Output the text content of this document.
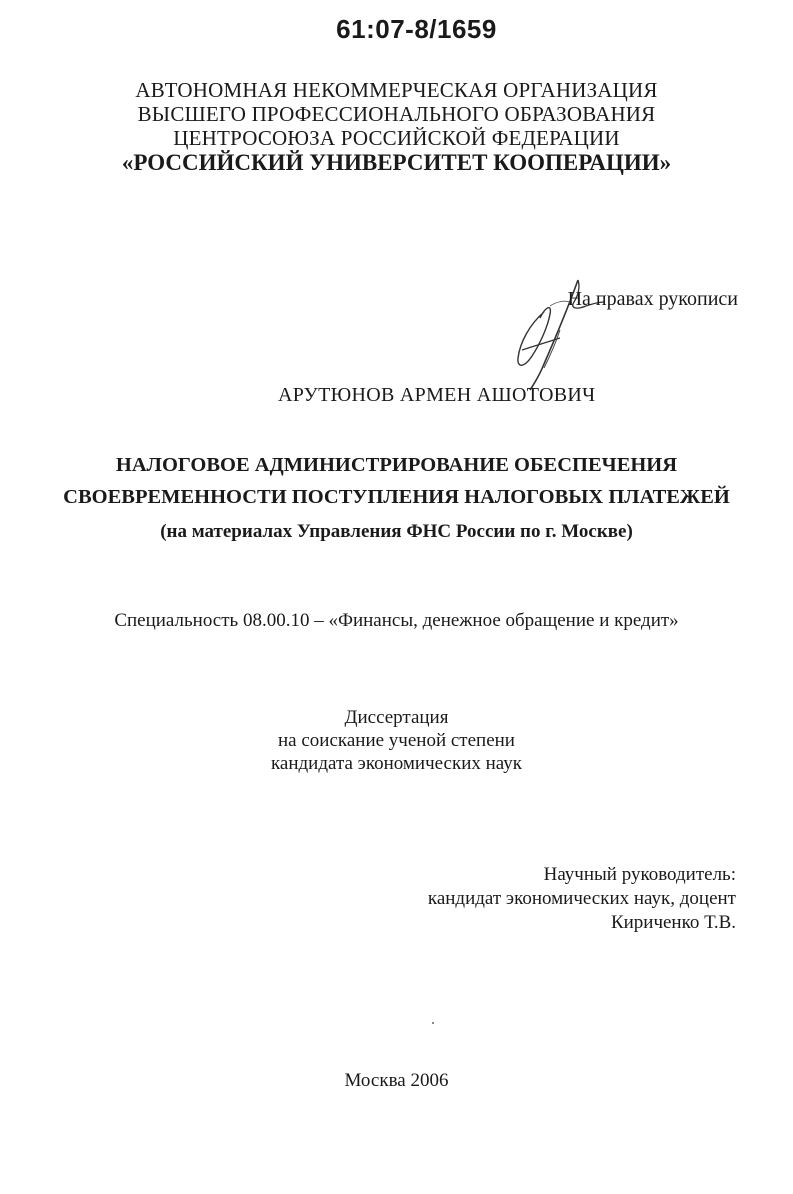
61:07-8/1659
АВТОНОМНАЯ НЕКОММЕРЧЕСКАЯ ОРГАНИЗАЦИЯ
ВЫСШЕГО ПРОФЕССИОНАЛЬНОГО ОБРАЗОВАНИЯ
ЦЕНТРОСОЮЗА РОССИЙСКОЙ ФЕДЕРАЦИИ
«РОССИЙСКИЙ УНИВЕРСИТЕТ КООПЕРАЦИИ»
На правах рукописи
АРУТЮНОВ АРМЕН АШОТОВИЧ
НАЛОГОВОЕ АДМИНИСТРИРОВАНИЕ ОБЕСПЕЧЕНИЯ
СВОЕВРЕМЕННОСТИ ПОСТУПЛЕНИЯ НАЛОГОВЫХ ПЛАТЕЖЕЙ
(на материалах Управления ФНС России по г. Москве)
Специальность 08.00.10 – «Финансы, денежное обращение и кредит»
Диссертация
на соискание ученой степени
кандидата экономических наук
Научный руководитель:
кандидат экономических наук, доцент
Кириченко Т.В.
Москва 2006
